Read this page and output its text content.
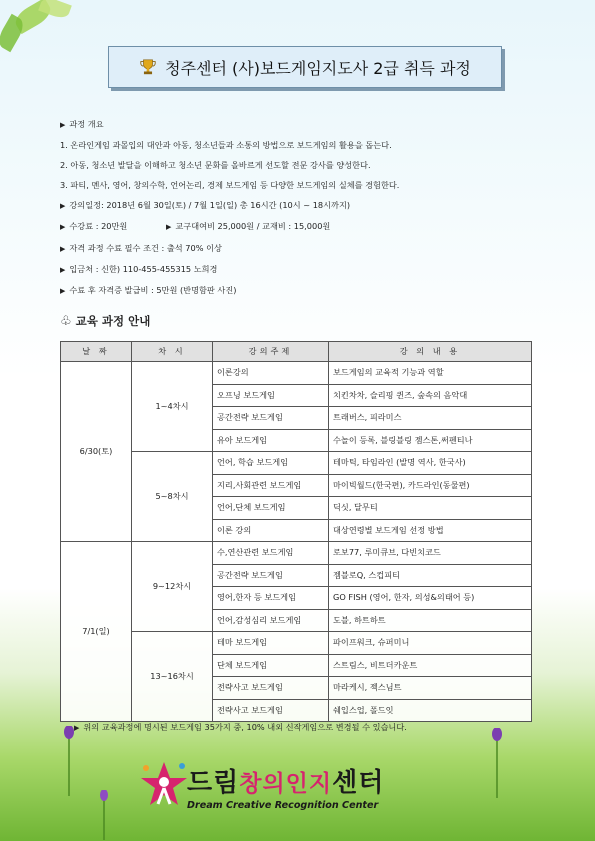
청주센터 (사)보드게임지도사 2급 취득 과정
▶ 과정 개요
1. 온라인게임 과몰입의 대안과 아동, 청소년들과 소통의 방법으로 보드게임의 활용을 돕는다.
2. 아동, 청소년 발달을 이해하고 청소년 문화를 올바르게 선도할 전문 강사를 양성한다.
3. 파티, 멘사, 영어, 창의수학, 언어논리, 경제 보드게임 등 다양한 보드게임의 실체를 경험한다.
▶ 강의일정: 2018년 6월 30일(토) / 7월 1일(일) 총 16시간 (10시 ~ 18시까지)
▶ 수강료 : 20만원	▶ 교구대여비 25,000원 / 교재비 : 15,000원
▶ 자격 과정 수료 필수 조건 : 출석 70% 이상
▶ 입금처 : 신한) 110-455-455315 노희경
▶ 수료 후 자격증 발급비 : 5만원 (반명함판 사진)
♧ 교육 과정 안내
날 짜	차 시	강의주제	강 의 내 용
6/30(토)	1~4차시	이론강의	보드게임의 교육적 기능과 역할
		오프닝 보드게임	치킨차차, 슬리핑 퀸즈, 숲속의 음악대
		공간전략 보드게임	트래버스, 피라미스
		유아 보드게임	수놀이 등록, 블링블링 젬스톤,써펜티나
	5~8차시	언어, 학습 보드게임	테마틱, 타임라인 (발명 역사, 한국사)
		지리,사회관련 보드게임	마이빅월드(한국편), 카드라인(동물편)
		언어,단체 보드게임	딕싯, 달무티
		이론 강의	대상연령별 보드게임 선정 방법
7/1(일)	9~12차시	수,연산관련 보드게임	로보77, 루미큐브, 다빈치코드
		공간전략 보드게임	젬블로Q, 스컵피티
		영어,한자 등 보드게임	GO FISH (영어, 한자, 의성&의태어 등)
		언어,감성심리 보드게임	도블, 하트하트
	13~16차시	테마 보드게임	파이프워크, 슈퍼미니
		단체 보드게임	스트림스, 비트더카운트
		전략사고 보드게임	마라케시, 젝스님트
		전략사고 보드게임	쉐입스업, 폴드잇
▶ 위의 교육과정에 명시된 보드게임 35가지 중, 10% 내외 신작게임으로 변경될 수 있습니다.
드림창의인지센터
Dream Creative Recognition Center
